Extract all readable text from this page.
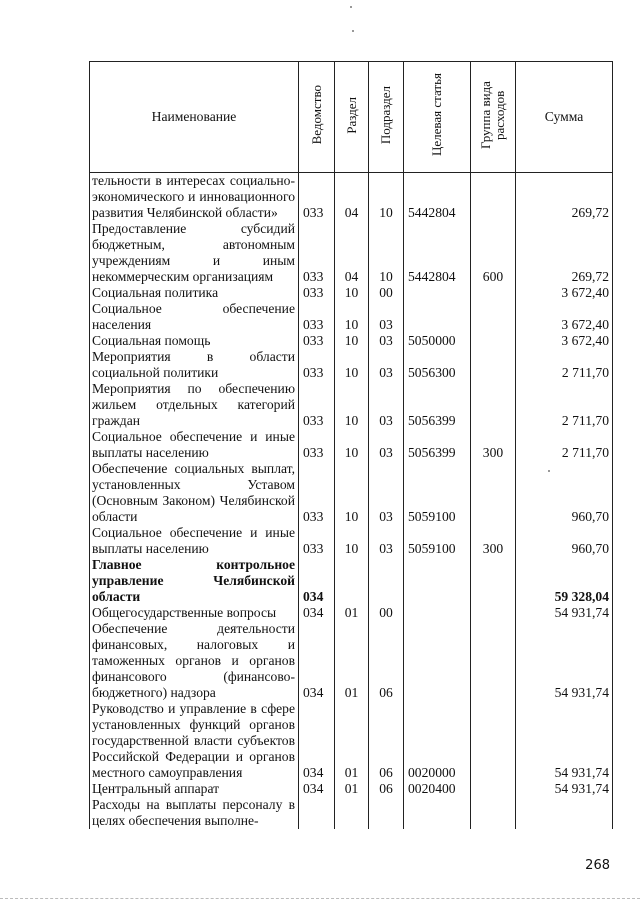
Наименование	Ведомство	Раздел	Подраздел	Целевая статья	Группа вида расходов	Сумма
тельности в интересах социально-экономического и инновационного развития Челябинской области»	033	04	10	5442804		269,72
Предоставление субсидий бюджетным, автономным учреждениям и иным некоммерческим организациям	033	04	10	5442804	600	269,72
Социальная политика	033	10	00			3 672,40
Социальное обеспечение населения	033	10	03			3 672,40
Социальная помощь	033	10	03	5050000		3 672,40
Мероприятия в области социальной политики	033	10	03	5056300		2 711,70
Мероприятия по обеспечению жильем отдельных категорий граждан	033	10	03	5056399		2 711,70
Социальное обеспечение и иные выплаты населению	033	10	03	5056399	300	2 711,70
Обеспечение социальных выплат, установленных Уставом (Основным Законом) Челябинской области	033	10	03	5059100		960,70
Социальное обеспечение и иные выплаты населению	033	10	03	5059100	300	960,70
Главное контрольное управление Челябинской области	034					59 328,04
Общегосударственные вопросы	034	01	00			54 931,74
Обеспечение деятельности финансовых, налоговых и таможенных органов и органов финансового (финансово-бюджетного) надзора	034	01	06			54 931,74
Руководство и управление в сфере установленных функций органов государственной власти субъектов Российской Федерации и органов местного самоуправления	034	01	06	0020000		54 931,74
Центральный аппарат	034	01	06	0020400		54 931,74
Расходы на выплаты персоналу в целях обеспечения выполне-						
268
